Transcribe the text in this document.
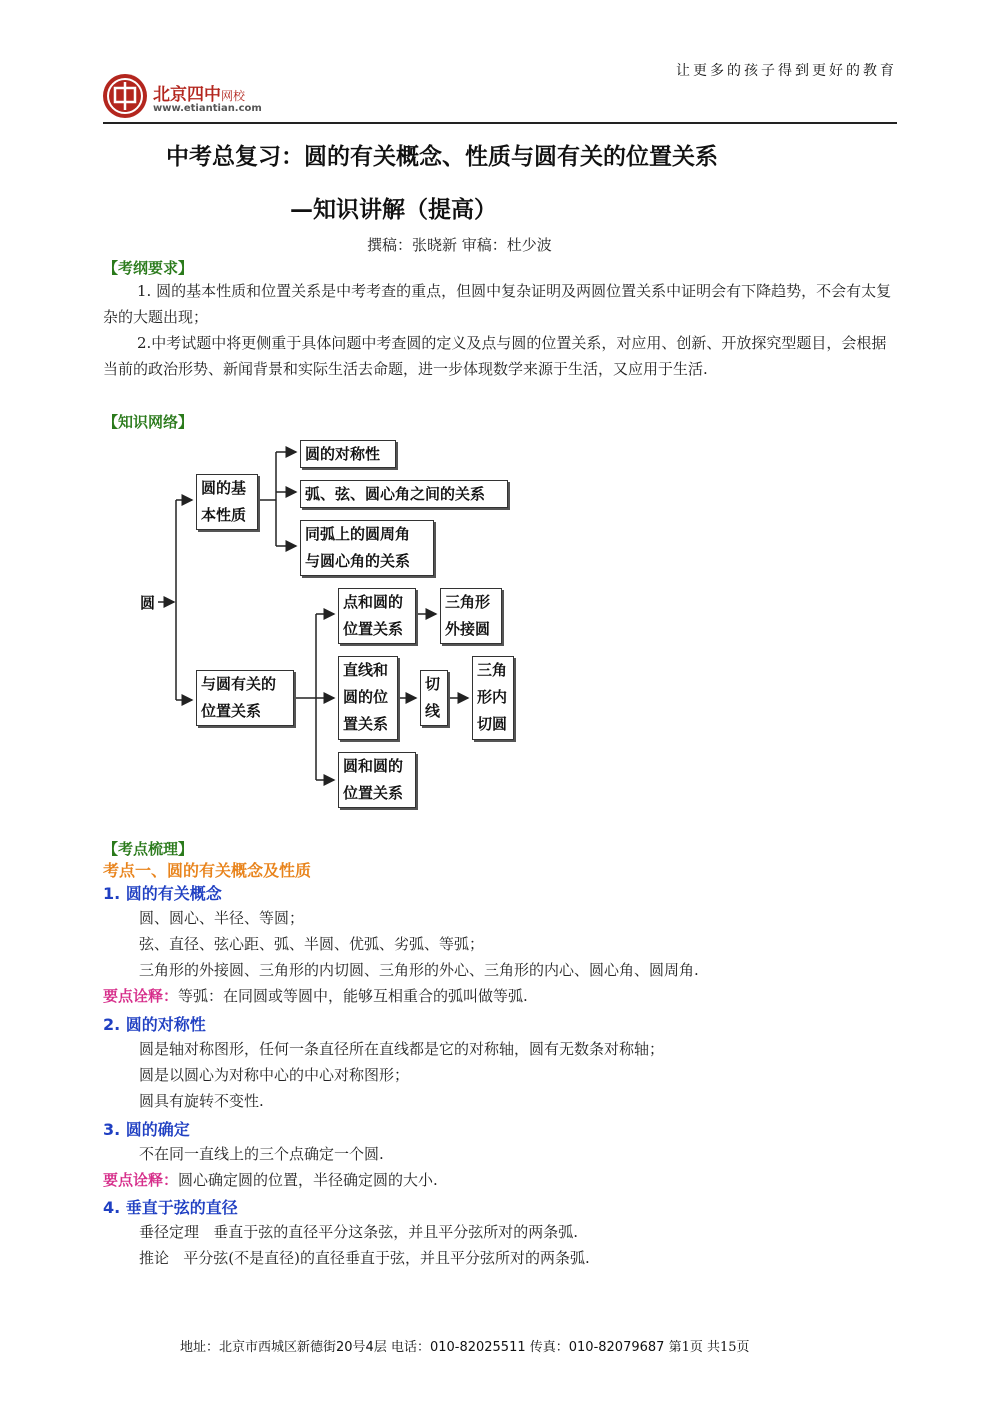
让更多的孩子得到更好的教育
北京四中网校
www.etiantian.com
中考总复习：圆的有关概念、性质与圆有关的位置关系
—知识讲解（提高）
撰稿：张晓新 审稿：杜少波
【考纲要求】
1. 圆的基本性质和位置关系是中考考查的重点，但圆中复杂证明及两圆位置关系中证明会有下降趋势，不会有太复杂的大题出现；
2.中考试题中将更侧重于具体问题中考查圆的定义及点与圆的位置关系，对应用、创新、开放探究型题目，会根据当前的政治形势、新闻背景和实际生活去命题，进一步体现数学来源于生活，又应用于生活.
【知识网络】
圆
圆的基
本性质
圆的对称性
弧、弦、圆心角之间的关系
同弧上的圆周角
与圆心角的关系
与圆有关的
位置关系
点和圆的
位置关系
三角形
外接圆
直线和
圆的位
置关系
切
线
三角
形内
切圆
圆和圆的
位置关系
【考点梳理】
考点一、圆的有关概念及性质
1. 圆的有关概念
圆、圆心、半径、等圆；
弦、直径、弦心距、弧、半圆、优弧、劣弧、等弧；
三角形的外接圆、三角形的内切圆、三角形的外心、三角形的内心、圆心角、圆周角.
要点诠释：等弧：在同圆或等圆中，能够互相重合的弧叫做等弧.
2. 圆的对称性
圆是轴对称图形，任何一条直径所在直线都是它的对称轴，圆有无数条对称轴；
圆是以圆心为对称中心的中心对称图形；
圆具有旋转不变性.
3. 圆的确定
不在同一直线上的三个点确定一个圆.
要点诠释：圆心确定圆的位置，半径确定圆的大小.
4. 垂直于弦的直径
垂径定理   垂直于弦的直径平分这条弦，并且平分弦所对的两条弧.
推论   平分弦(不是直径)的直径垂直于弦，并且平分弦所对的两条弧.
地址：北京市西城区新德街20号4层 电话：010-82025511 传真：010-82079687 第1页 共15页
